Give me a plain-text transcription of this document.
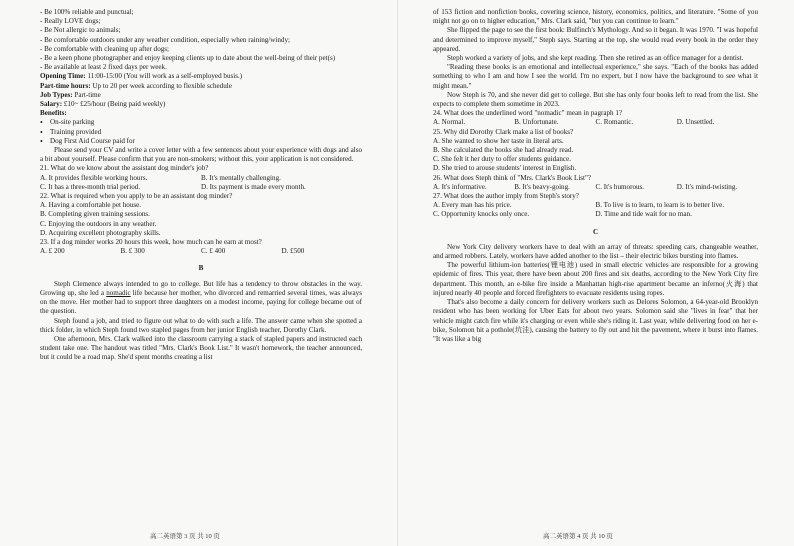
- Be 100% reliable and punctual;
- Really LOVE dogs;
- Be Not allergic to animals;
- Be comfortable outdoors under any weather condition, especially when raining/windy;
- Be comfortable with cleaning up after dogs;
- Be a keen phone photographer and enjoy keeping clients up to date about the well-being of their pet(s)
- Be available at least 2 fixed days per week.
Opening Time: 11:00-15:00 (You will work as a self-employed busis.)
Part-time hours: Up to 20 per week according to flexible schedule
Job Types: Part-time
Salary: £10~ £25/hour (Being paid weekly)
Benefits:
• On-site parking
• Training provided
• Dog First Aid Course paid for

Please send your CV and write a cover letter with a few sentences about your experience with dogs and also a bit about yourself. Please confirm that you are non-smokers; without this, your application is not considered.

21. What do we know about the assistant dog minder's job?
A. It provides flexible working hours.	B. It's mentally challenging.
C. It has a three-month trial period.	D. Its payment is made every month.
22. What is required when you apply to be an assistant dog minder?
A. Having a comfortable pet house.
B. Completing given training sessions.
C. Enjoying the outdoors in any weather.
D. Acquiring excellent photography skills.
23. If a dog minder works 20 hours this week, how much can he earn at most?
A. £ 200	B. £ 300	C. £ 400	D. £500
B

Steph Clemence always intended to go to college. But life has a tendency to throw obstacles in the way. Growing up, she led a nomadic life because her mother, who divorced and remarried several times, was always on the move. Her mother had to support three daughters on a modest income, paying for college became out of the question.

Steph found a job, and tried to figure out what to do with such a life. The answer came when she spotted a thick folder, in which Steph found two stapled pages from her junior English teacher, Dorothy Clark.

One afternoon, Mrs. Clark walked into the classroom carrying a stack of stapled papers and instructed each student take one. The handout was titled "Mrs. Clark's Book List." It wasn't homework, the teacher announced, but it could be a road map. She'd spent months creating a list

高二英语第 3 页 共 10 页

of 153 fiction and nonfiction books, covering science, history, economics, politics, and literature. "Some of you might not go on to higher education," Mrs. Clark said, "but you can continue to learn."

She flipped the page to see the first book: Bulfinch's Mythology. And so it began. It was 1970. "I was hopeful and determined to improve myself," Steph says. Starting at the top, she would read every book in the order they appeared.

Steph worked a variety of jobs, and she kept reading. Then she retired as an office manager for a dentist.

"Reading these books is an emotional and intellectual experience," she says. "Each of the books has added something to who I am and how I see the world. I'm no expert, but I now have the background to see what it might mean."

Now Steph is 70, and she never did get to college. But she has only four books left to read from the list. She expects to complete them sometime in 2023.

24. What does the underlined word "nomadic" mean in pagraph 1?
A. Normal.	B. Unfortunate.	C. Romantic.	D. Unsettled.
25. Why did Dorothy Clark make a list of books?
A. She wanted to show her taste in literal arts.
B. She calculated the books she had already read.
C. She felt it her duty to offer students guidance.
D. She tried to arouse students' interest in English.
26. What does Steph think of "Mrs. Clark's Book List"?
A. It's informative.	B. It's heavy-going.	C. It's humorous.	D. It's mind-twisting.
27. What does the author imply from Steph's story?
A. Every man has his price.	B. To live is to learn, to learn is to better live.
C. Opportunity knocks only once.	D. Time and tide wait for no man.
C

New York City delivery workers have to deal with an array of threats: speeding cars, changeable weather, and armed robbers. Lately, workers have added another to the list – their electric bikes bursting into flames.

The powerful lithium-ion batteries(锂电池) used in small electric vehicles are responsible for a growing epidemic of fires. This year, there have been about 200 fires and six deaths, according to the New York City fire department. This month, an e-bike fire inside a Manhattan high-rise apartment became an inferno(火海) that injured nearly 40 people and forced firefighters to evacuate residents using ropes.

That's also become a daily concern for delivery workers such as Delores Solomon, a 64-year-old Brooklyn resident who has been working for Uber Eats for about two years. Solomon said she "lives in fear" that her vehicle might catch fire while it's charging or even while she's riding it. Last year, while delivering food on her e-bike, Solomon hit a pothole(坑洼), causing the battery to fly out and hit the pavement, where it burst into flames. "It was like a big

高二英语第 4 页 共 10 页
